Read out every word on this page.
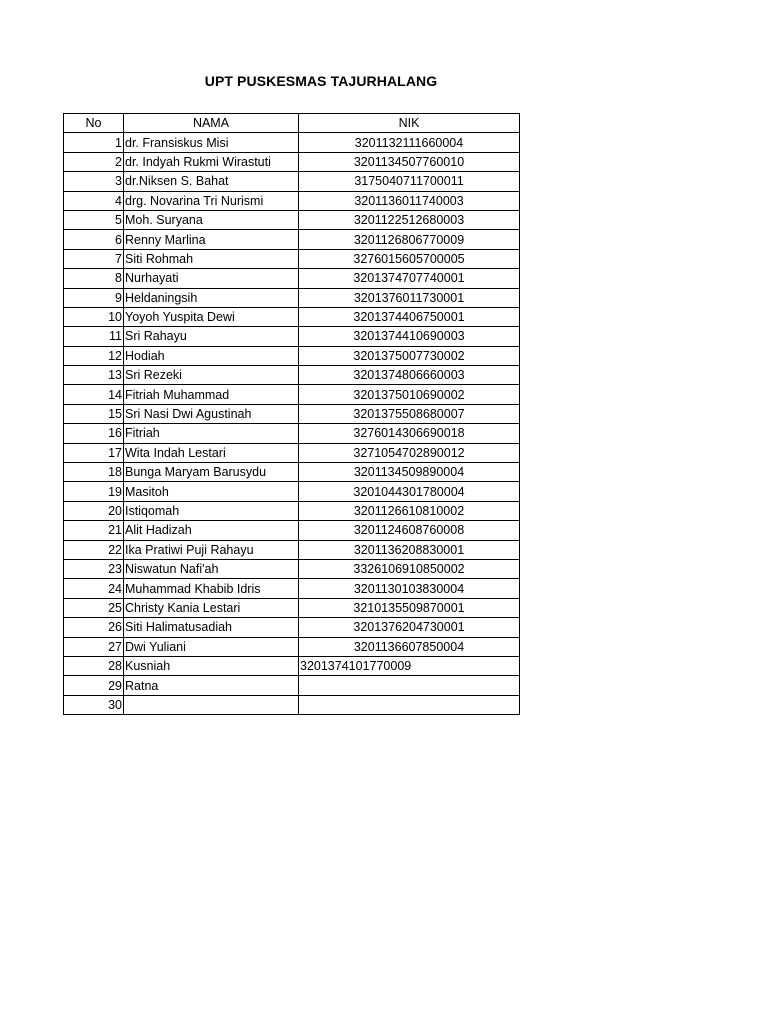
UPT PUSKESMAS TAJURHALANG
No	NAMA	NIK
1	dr. Fransiskus Misi	3201132111660004
2	dr. Indyah Rukmi Wirastuti	3201134507760010
3	dr.Niksen S. Bahat	3175040711700011
4	drg. Novarina Tri Nurismi	3201136011740003
5	Moh. Suryana	3201122512680003
6	Renny Marlina	3201126806770009
7	Siti Rohmah	3276015605700005
8	Nurhayati	3201374707740001
9	Heldaningsih	3201376011730001
10	Yoyoh Yuspita Dewi	3201374406750001
11	Sri Rahayu	3201374410690003
12	Hodiah	3201375007730002
13	Sri Rezeki	3201374806660003
14	Fitriah Muhammad	3201375010690002
15	Sri Nasi Dwi Agustinah	3201375508680007
16	Fitriah	3276014306690018
17	Wita Indah Lestari	3271054702890012
18	Bunga Maryam Barusydu	3201134509890004
19	Masitoh	3201044301780004
20	Istiqomah	3201126610810002
21	Alit Hadizah	3201124608760008
22	Ika Pratiwi Puji Rahayu	3201136208830001
23	Niswatun Nafi'ah	3326106910850002
24	Muhammad Khabib Idris	3201130103830004
25	Christy Kania Lestari	3210135509870001
26	Siti Halimatusadiah	3201376204730001
27	Dwi Yuliani	3201136607850004
28	Kusniah	3201374101770009
29	Ratna	
30		
